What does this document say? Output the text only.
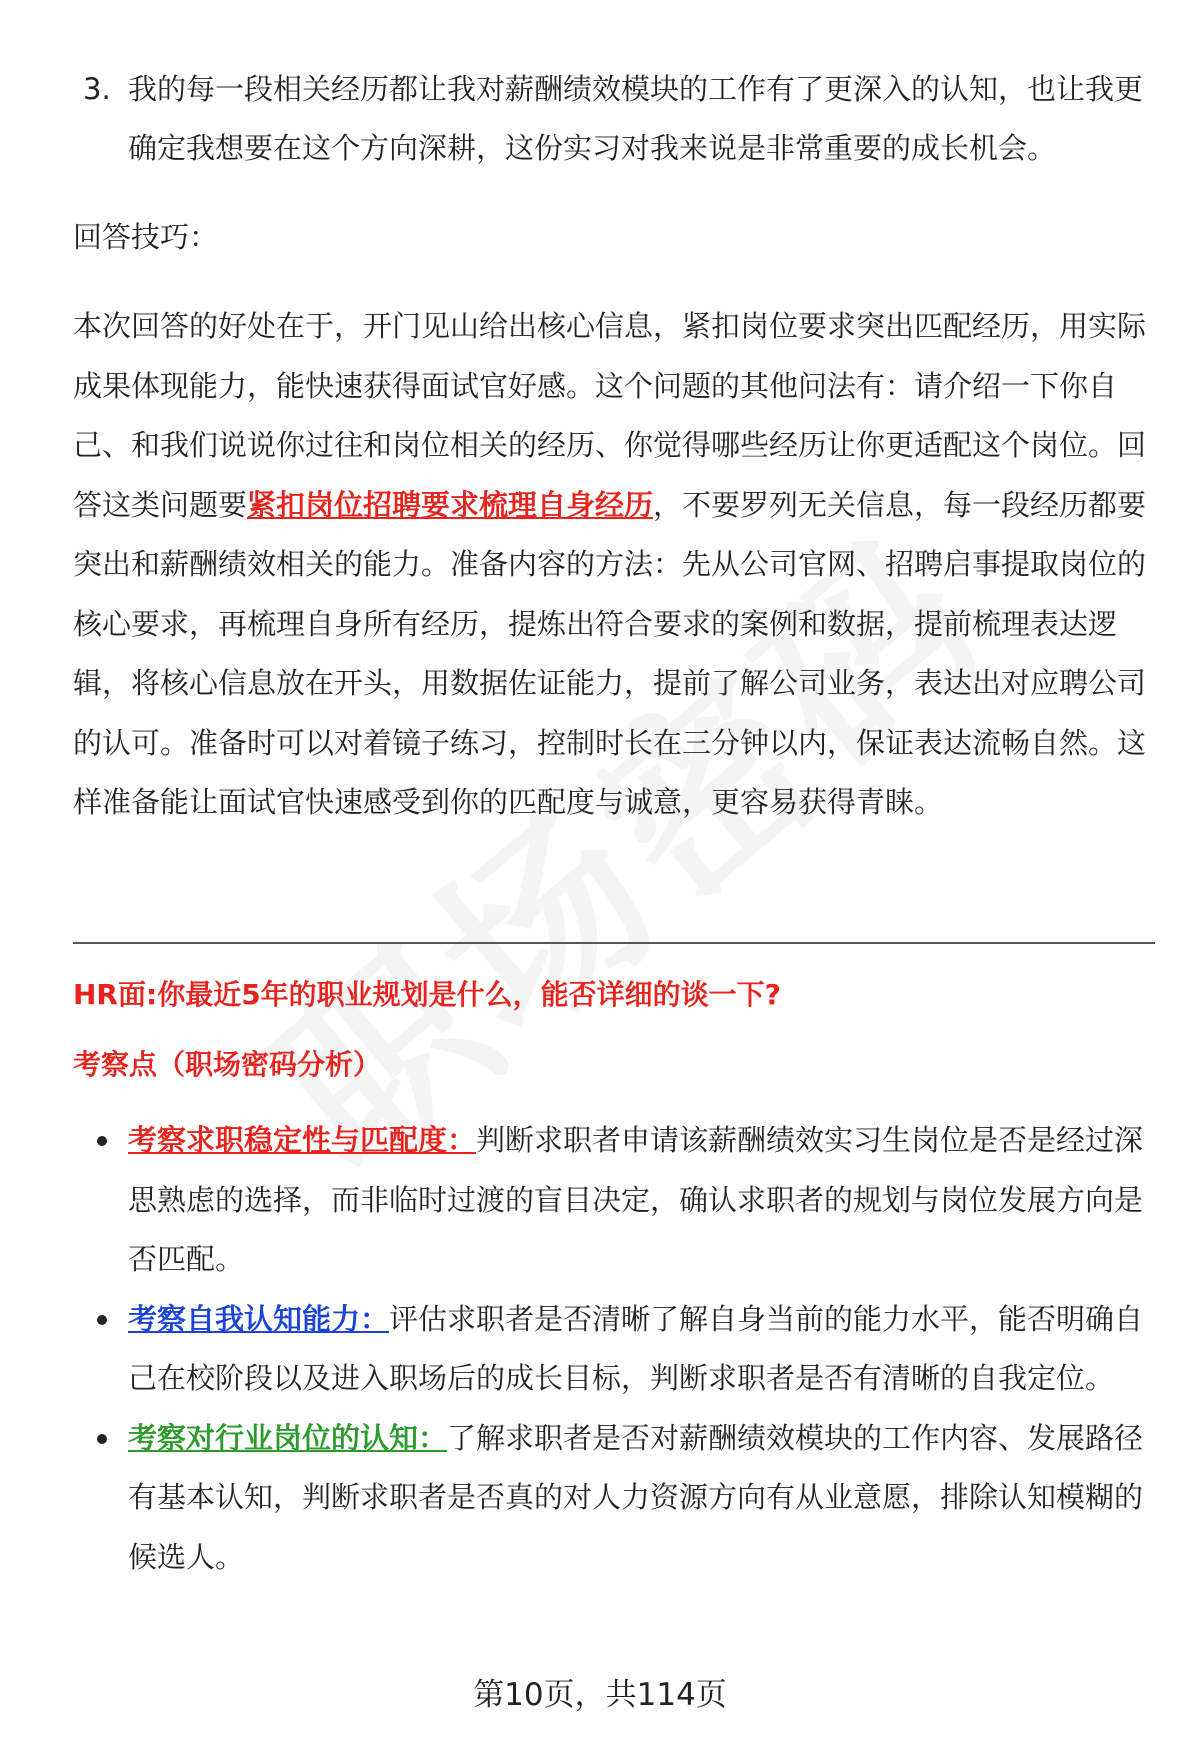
3. 我的每一段相关经历都让我对薪酬绩效模块的工作有了更深入的认知，也让我更确定我想要在这个方向深耕，这份实习对我来说是非常重要的成长机会。
回答技巧：

本次回答的好处在于，开门见山给出核心信息，紧扣岗位要求突出匹配经历，用实际成果体现能力，能快速获得面试官好感。这个问题的其他问法有：请介绍一下你自己、和我们说说你过往和岗位相关的经历、你觉得哪些经历让你更适配这个岗位。回答这类问题要紧扣岗位招聘要求梳理自身经历，不要罗列无关信息，每一段经历都要突出和薪酬绩效相关的能力。准备内容的方法：先从公司官网、招聘启事提取岗位的核心要求，再梳理自身所有经历，提炼出符合要求的案例和数据，提前梳理表达逻辑，将核心信息放在开头，用数据佐证能力，提前了解公司业务，表达出对应聘公司的认可。准备时可以对着镜子练习，控制时长在三分钟以内，保证表达流畅自然。这样准备能让面试官快速感受到你的匹配度与诚意，更容易获得青睐。

HR面:你最近5年的职业规划是什么，能否详细的谈一下?
考察点（职场密码分析）
考察求职稳定性与匹配度：判断求职者申请该薪酬绩效实习生岗位是否是经过深思熟虑的选择，而非临时过渡的盲目决定，确认求职者的规划与岗位发展方向是否匹配。
考察自我认知能力：评估求职者是否清晰了解自身当前的能力水平，能否明确自己在校阶段以及进入职场后的成长目标，判断求职者是否有清晰的自我定位。
考察对行业岗位的认知：了解求职者是否对薪酬绩效模块的工作内容、发展路径有基本认知，判断求职者是否真的对人力资源方向有从业意愿，排除认知模糊的候选人。
第10页，共114页
